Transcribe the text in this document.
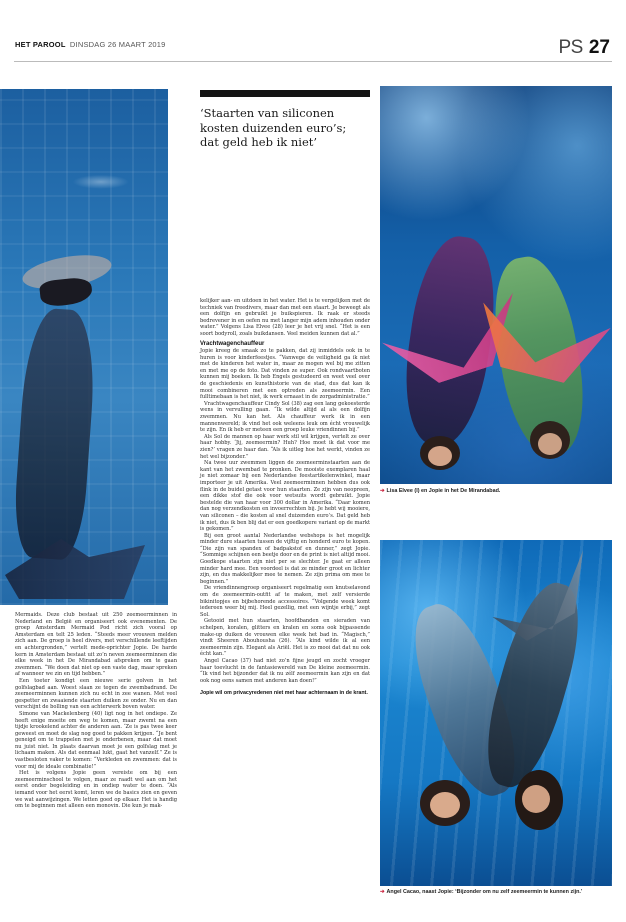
HET PAROOL DINSDAG 26 MAART 2019	PS 27
‘Staarten van siliconen
kosten duizenden euro’s;
dat geld heb ik niet’

kelijker aan- en uitdoen in het water. Het is te vergelijken met de techniek van freedivers, maar dan met een staart. Je beweegt als een dolfijn en gebruikt je buikspieren. Ik raak er steeds bedrevener in en oefen nu met langer mijn adem inhouden onder water.” Volgens Lisa Elvee (28) leer je het vrij snel. “Het is een soort bodyroll, zoals buikdansen. Veel meiden kunnen dat al.”

Vrachtwagenchauffeur

Jopie kreeg de smaak zo te pakken, dat zij inmiddels ook in te huren is voor kinderfeestjes. “Vanwege de veiligheid ga ik niet met de kinderen het water in, maar ze mogen wel bij me zitten en met me op de foto. Dat vinden ze super. Ook rondvaartboten kunnen mij boeken. Ik heb Engels gestudeerd en weet veel over de geschiedenis en kunsthistorie van de stad, dus dat kan ik mooi combineren met een optreden als zeemeermin. Een fulltimebaan is het niet, ik werk ernaast in de zorgadministratie.”

Vrachtwagenchauffeur Cindy Sol (38) zag een lang gekoesterde wens in vervulling gaan. “Ik wilde altijd al als een dolfijn zwemmen. Nu kan het. Als chauffeur werk ik in een mannenwereld; ik vind het ook weleens leuk om écht vrouwelijk te zijn. En ik heb er meteen een groep leuke vriendinnen bij.”

Als Sol de mannen op haar werk stil wil krijgen, vertelt ze over haar hobby. ‘Jij, zeemeermin? Huh? Hoe moet ik dat voor me zien?’ vragen ze haar dan. “Als ik uitleg hoe het werkt, vinden ze het wel bijzonder.”

Na twee uur zwemmen liggen de zeemeerminstaarten aan de kant van het zwembad te pronken. De mooiste exemplaren haal je niet zomaar bij een Nederlandse feestartikelenwinkel, maar importeer je uit Amerika. Veel zeemeerminnen hebben dus ook flink in de buidel getast voor hun staarten. Ze zijn van neopreen, een dikke stof die ook voor wetsuits wordt gebruikt. Jopie bestelde die van haar voor 300 dollar in Amerika. “Daar komen dan nog verzendkosten en invoerrechten bij. Je hebt wij mooiere, van siliconen – die kosten al snel duizenden euro’s. Dat geld heb ik niet, dus ik ben blij dat er een goedkopere variant op de markt is gekomen.”

Bij een groot aantal Nederlandse webshops is het mogelijk minder dure staarten tussen de vijftig en honderd euro te kopen. “Die zijn van spandex of badpakstof en dunner,” zegt Jopie. “Sommige schijnen een beetje door en de print is niet altijd mooi. Goedkope staarten zijn niet per se slechter. Je gaat er alleen minder hard mee. Een voordeel is dat ze minder groot en lichter zijn, en dus makkelijker mee te nemen. Ze zijn prima om mee te beginnen.”

De vriendinnengroep organiseert regelmatig een knutselavond om de zeemeermin-outfit af te maken, met zelf versierde bikinitopjes en bijbehorende accessoires. “Volgende week komt iedereen weer bij mij. Heel gezellig, met een wijntje erbij,” zegt Sol.

Getooid met hun staarten, hoofdbanden en sieraden van schelpen, koralen, glitters en kralen en soms ook bijpassende make-up duiken de vrouwen elke week het bad in. “Magisch,” vindt Sheeren Abouhousha (26). “Als kind wilde ik al een zeemeermin zijn. Elegant als Ariël. Het is zo mooi dat dat nu ook écht kan.”

Angel Cacao (37) had niet zo’n fijne jeugd en zocht vroeger haar toevlucht in de fantasiewereld van De kleine zeemeermin. “Ik vind het bijzonder dat ik nu zélf zeemeermin kan zijn en dat ook nog eens samen met anderen kan doen!”

Jopie wil om privacyredenen niet met haar achternaam in de krant.

Mermaids. Deze club bestaat uit 250 zeemeerminnen in Nederland en België en organiseert ook evenementen. De groep Amsterdam Mermaid Pod richt zich vooral op Amsterdam en telt 25 leden. “Steeds meer vrouwen melden zich aan. De groep is heel divers, met verschillende leeftijden en achtergronden,” vertelt mede-oprichter Jopie. De harde kern in Amsterdam bestaat uit zo’n neven zeemeerminnen die elke week in het De Mirandabad afspreken om te gaan zwemmen. “We doen dat niet op een vaste dag, maar spreken af wanneer we zin en tijd hebben.”

Een toeter kondigt een nieuwe serie golven in het golfslagbad aan. Woest slaan ze tegen de zwembadrand. De zeemeerminnen kunnen zich nu echt in zee wanen. Met veel gespetter en zwaaiende staarten duiken ze onder. Nu en dan verschijnt de bolling van een achterwerk boven water.

Simone van Mackelenberg (40) ligt nog in het ondiepe. Ze heeft enige moeite om weg te komen, maar zwemt na een tijdje krookelend achter de anderen aan. ‘Ze is pas twee keer geweest en moet de slag nog goed te pakken krijgen. “Je bent geneigd om te trappelen met je onderbenen, maar dat moet nu juist niet. In plaats daarvan moet je een golfslag met je lichaam maken. Als dat eenmaal lukt, gaat het vanzelf.” Ze is vastbesloten vaker te komen: “Verkleden en zwemmen: dat is voor mij de ideale combinatie!”

Het is volgens Jopie geen vereiste om bij een zeemeerminschool te volgen, maar ze raadt wel aan om het eerst onder begeleiding en in ondiep water te doen. “Als iemand voor het eerst komt, leren we de basics zien en geven we wat aanwijzingen. We letten goed op elkaar. Het is handig om te beginnen met alleen een monovin. Die kun je mak-

➔ Lisa Elvee (l) en Jopie in het De Mirandabad.
➔ Angel Cacao, naast Jopie: ‘Bijzonder om nu zelf zeemeermin te kunnen zijn.’
